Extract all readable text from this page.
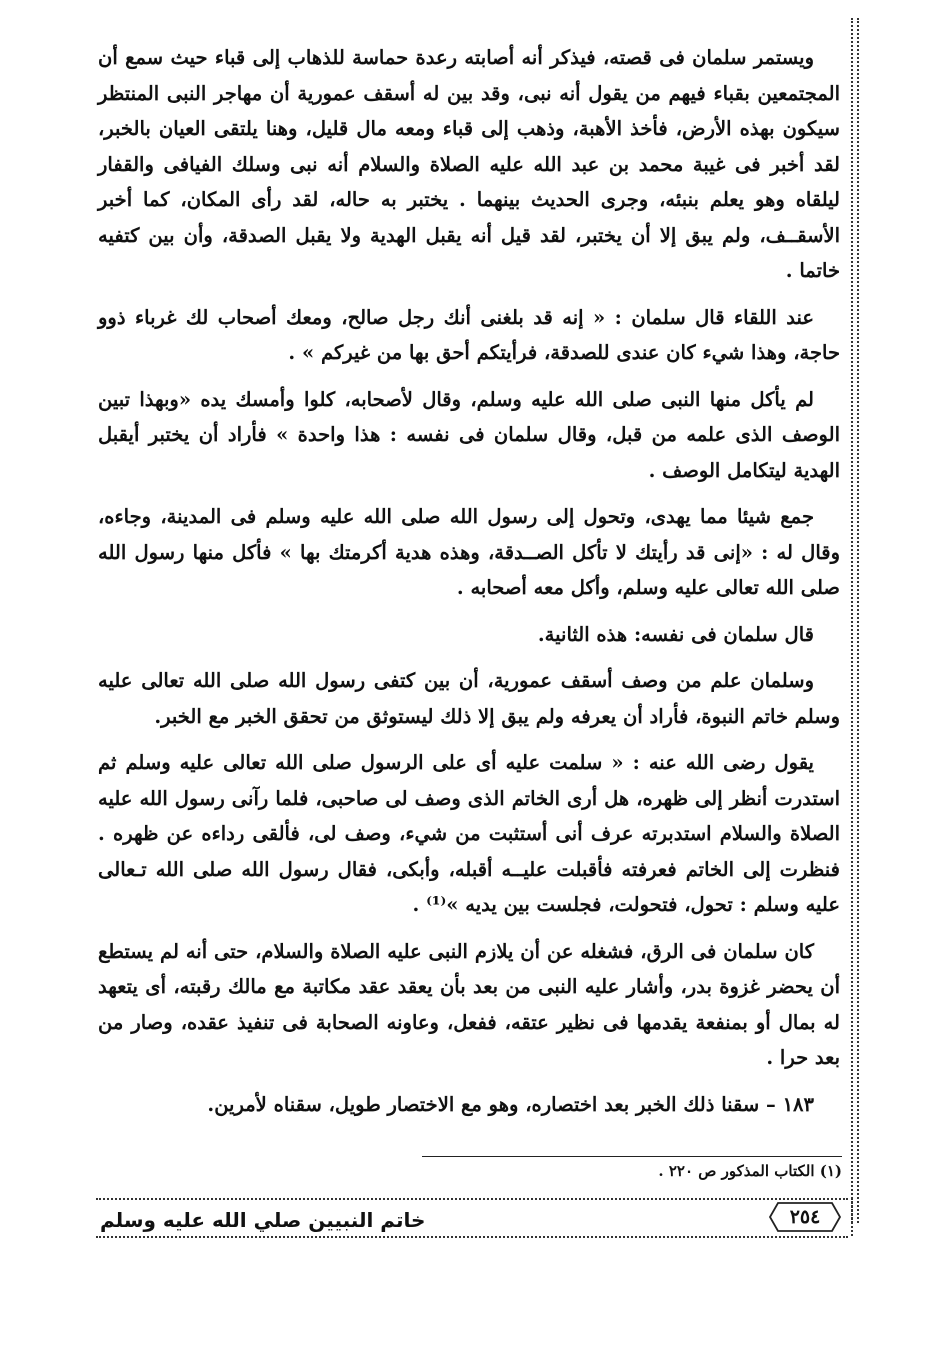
ويستمر سلمان فى قصته، فيذكر أنه أصابته رعدة حماسة للذهاب إلى قباء حيث سمع أن المجتمعين بقباء فيهم من يقول أنه نبى، وقد بين له أسقف عمورية أن مهاجر النبى المنتظر سيكون بهذه الأرض، فأخذ الأهبة، وذهب إلى قباء ومعه مال قليل، وهنا يلتقى العيان بالخبر، لقد أخبر فى غيبة محمد بن عبد الله عليه الصلاة والسلام أنه نبى وسلك الفيافى والقفار ليلقاه وهو يعلم بنبئه، وجرى الحديث بينهما . يختبر به حاله، لقد رأى المكان، كما أخبر الأسقــف، ولم يبق إلا أن يختبر، لقد قيل أنه يقبل الهدية ولا يقبل الصدقة، وأن بين كتفيه خاتما .

عند اللقاء قال سلمان : « إنه قد بلغنى أنك رجل صالح، ومعك أصحاب لك غرباء ذوو حاجة، وهذا شيء كان عندى للصدقة، فرأيتكم أحق بها من غيركم » .

لم يأكل منها النبى صلى الله عليه وسلم، وقال لأصحابه، كلوا وأمسك يده «وبهذا تبين الوصف الذى علمه من قبل، وقال سلمان فى نفسه : هذا واحدة » فأراد أن يختبر أيقبل الهدية ليتكامل الوصف .

جمع شيئا مما يهدى، وتحول إلى رسول الله صلى الله عليه وسلم فى المدينة، وجاءه، وقال له : «إنى قد رأيتك لا تأكل الصــدقة، وهذه هدية أكرمتك بها » فأكل منها رسول الله صلى الله تعالى عليه وسلم، وأكل معه أصحابه .

قال سلمان فى نفسه: هذه الثانية.

وسلمان علم من وصف أسقف عمورية، أن بين كتفى رسول الله صلى الله تعالى عليه وسلم خاتم النبوة، فأراد أن يعرفه ولم يبق إلا ذلك ليستوثق من تحقق الخبر مع الخبر.

يقول رضى الله عنه : « سلمت عليه أى على الرسول صلى الله تعالى عليه وسلم ثم استدرت أنظر إلى ظهره، هل أرى الخاتم الذى وصف لى صاحبى، فلما رآنى رسول الله عليه الصلاة والسلام استدبرته عرف أنى أستثبت من شيء، وصف لى، فألقى رداءه عن ظهره . فنظرت إلى الخاتم فعرفته فأقبلت عليــه أقبله، وأبكى، فقال رسول الله صلى الله تـعالى عليه وسلم : تحول، فتحولت، فجلست بين يديه »⁽¹⁾ .

كان سلمان فى الرق، فشغله عن أن يلازم النبى عليه الصلاة والسلام، حتى أنه لم يستطع أن يحضر غزوة بدر، وأشار عليه النبى من بعد بأن يعقد عقد مكاتبة مع مالك رقبته، أى يتعهد له بمال أو بمنفعة يقدمها فى نظير عتقه، ففعل، وعاونه الصحابة فى تنفيذ عقده، وصار من بعد حرا .

١٨٣ – سقنا ذلك الخبر بعد اختصاره، وهو مع الاختصار طويل، سقناه لأمرين.

(١) الكتاب المذكور ص ٢٢٠ .
خاتم النبيين صلي الله عليه وسلم	٢٥٤
